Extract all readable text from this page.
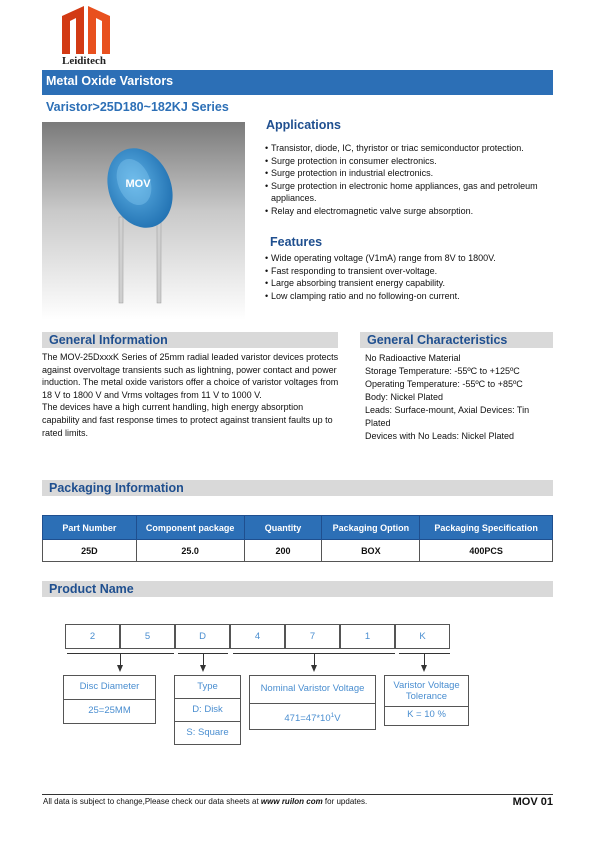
Leiditech
Metal Oxide Varistors
Varistor>25D180~182KJ Series
MOV
Applications
• Transistor, diode, IC, thyristor or triac semiconductor protection.
• Surge protection in consumer electronics.
• Surge protection in industrial electronics.
• Surge protection in electronic home appliances, gas and petroleum appliances.
• Relay and electromagnetic valve surge absorption.
Features
• Wide operating voltage (V1mA) range from 8V to 1800V.
• Fast responding to transient over-voltage.
• Large absorbing transient energy capability.
• Low clamping ratio and no following-on current.
General Information

The MOV-25DxxxK Series of 25mm radial leaded varistor devices protects against overvoltage transients such as lightning, power contact and power induction. The metal oxide varistors offer a choice of varistor voltages from 18 V to 1800 V and Vrms voltages from 11 V to 1000 V.

The devices have a high current handling, high energy absorption capability and fast response times to protect against transient faults up to rated limits.

General Characteristics
No Radioactive Material
Storage Temperature: -55ºC to +125ºC
Operating Temperature: -55ºC to +85ºC
Body: Nickel Plated
Leads: Surface-mount, Axial Devices: Tin Plated
Devices with No Leads: Nickel Plated
Packaging Information
Part Number	Component package	Quantity	Packaging Option	Packaging Specification
25D	25.0	200	BOX	400PCS
Product Name
2	5	D	4	7	1	K
Disc Diameter
25=25MM
Type
D: Disk
S: Square
Nominal Varistor Voltage
$471=47*10^1V$
Varistor Voltage Tolerance
K = 10 %
All data is subject to change,Please check our data sheets at www ruilon com for updates.	MOV 01
